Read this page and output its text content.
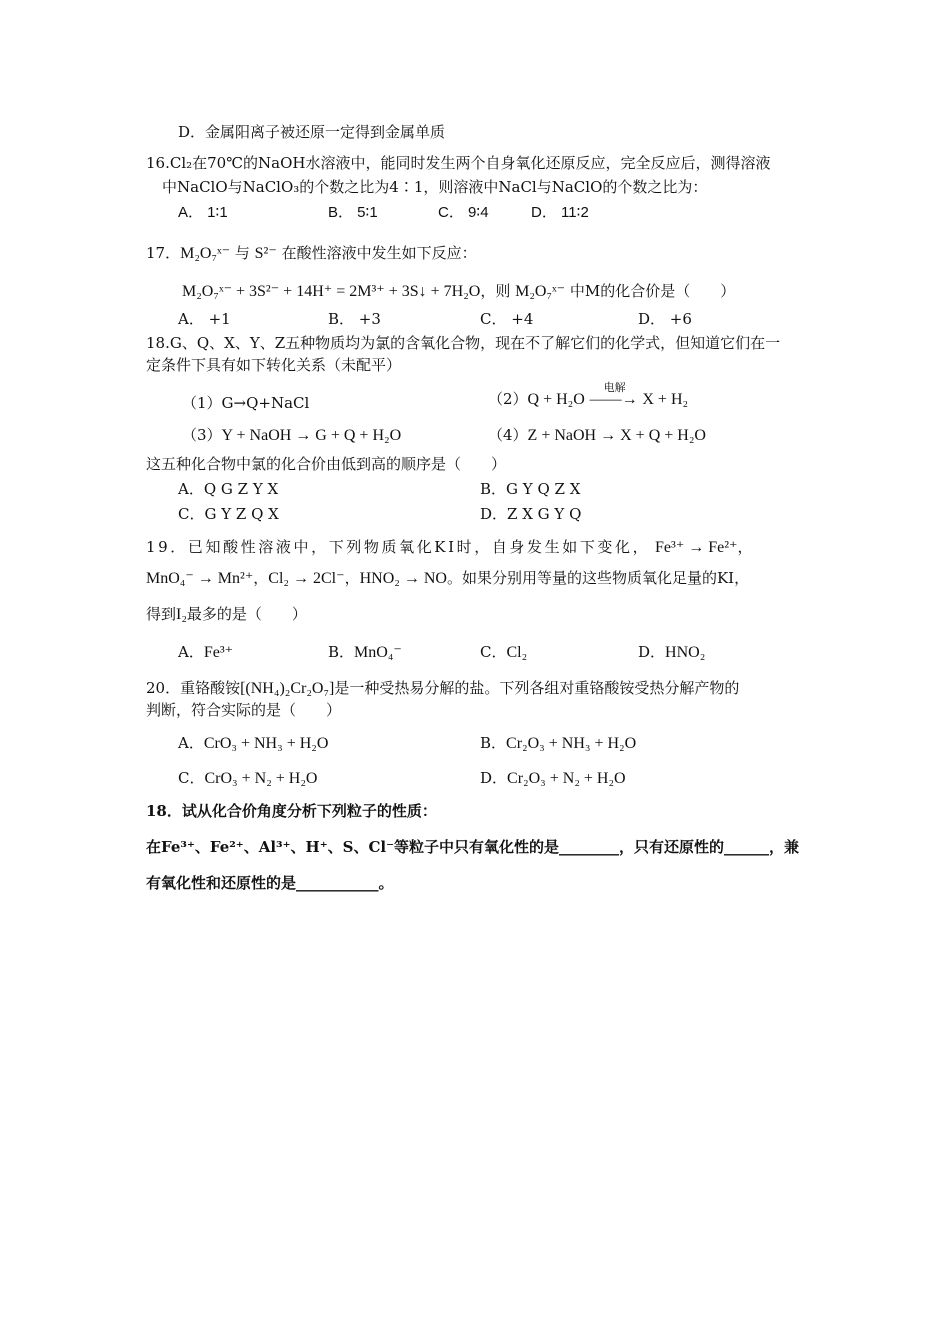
D．金属阳离子被还原一定得到金属单质
16.Cl₂在70℃的NaOH水溶液中，能同时发生两个自身氧化还原反应，完全反应后，测得溶液
中NaClO与NaClO₃的个数之比为4∶1，则溶液中NaCl与NaClO的个数之比为：
A． 1∶1	B． 5∶1	C． 9∶4	D． 11∶2
17．M₂O₇ˣ⁻ 与 S²⁻ 在酸性溶液中发生如下反应：
M₂O₇ˣ⁻ + 3S²⁻ + 14H⁺ = 2M³⁺ + 3S↓ + 7H₂O，则 M₂O₇ˣ⁻ 中M的化合价是（　　）
A． +1	B． +3	C． +4	D． +6
18.G、Q、X、Y、Z五种物质均为氯的含氧化合物，现在不了解它们的化学式，但知道它们在一
定条件下具有如下转化关系（未配平）
（1）G→Q+NaCl	（2）Q + H₂O
电解
——→ X + H₂
（3）Y + NaOH → G + Q + H₂O	（4）Z + NaOH → X + Q + H₂O
这五种化合物中氯的化合价由低到高的顺序是（　　）
A．Q G Z Y X	B．G Y Q Z X
C．G Y Z Q X	D．Z X G Y Q
19．已知酸性溶液中，下列物质氧化KI时，自身发生如下变化， Fe³⁺ → Fe²⁺，
MnO₄⁻ → Mn²⁺，Cl₂ → 2Cl⁻，HNO₂ → NO。如果分别用等量的这些物质氧化足量的KI，
得到I₂最多的是（　　）
A．Fe³⁺	B．MnO₄⁻	C．Cl₂	D．HNO₂
20．重铬酸铵[(NH₄)₂Cr₂O₇]是一种受热易分解的盐。下列各组对重铬酸铵受热分解产物的
判断，符合实际的是（　　）
A．CrO₃ + NH₃ + H₂O	B．Cr₂O₃ + NH₃ + H₂O
C．CrO₃ + N₂ + H₂O	D．Cr₂O₃ + N₂ + H₂O
18．试从化合价角度分析下列粒子的性质：
在Fe³⁺、Fe²⁺、Al³⁺、H⁺、S、Cl⁻等粒子中只有氧化性的是________，只有还原性的______，兼
有氧化性和还原性的是___________。
